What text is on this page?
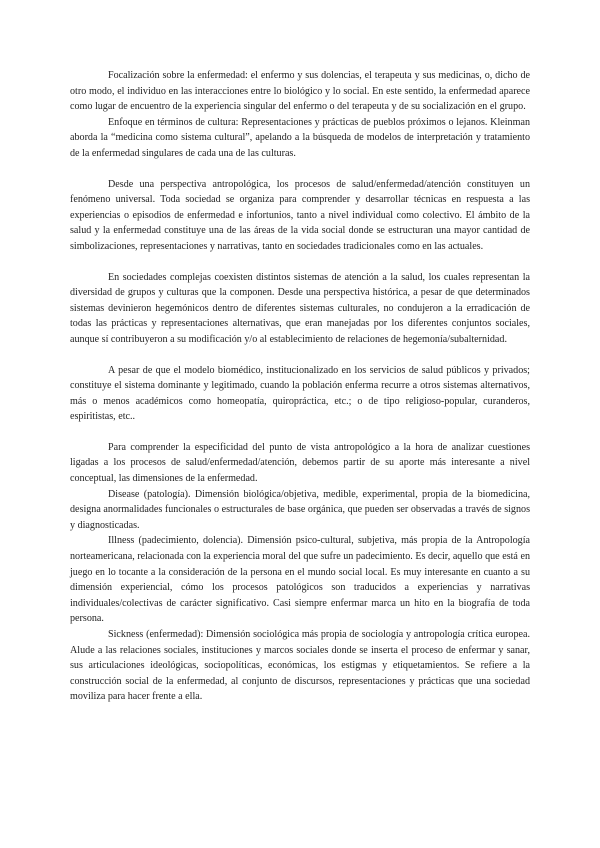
Focalización sobre la enfermedad: el enfermo y sus dolencias, el terapeuta y sus medicinas, o, dicho de otro modo, el individuo en las interacciones entre lo biológico y lo social. En este sentido, la enfermedad aparece como lugar de encuentro de la experiencia singular del enfermo o del terapeuta y de su socialización en el grupo.

Enfoque en términos de cultura: Representaciones y prácticas de pueblos próximos o lejanos. Kleinman aborda la “medicina como sistema cultural”, apelando a la búsqueda de modelos de interpretación y tratamiento de la enfermedad singulares de cada una de las culturas.

Desde una perspectiva antropológica, los procesos de salud/enfermedad/atención constituyen un fenómeno universal. Toda sociedad se organiza para comprender y desarrollar técnicas en respuesta a las experiencias o episodios de enfermedad e infortunios, tanto a nivel individual como colectivo. El ámbito de la salud y la enfermedad constituye una de las áreas de la vida social donde se estructuran una mayor cantidad de simbolizaciones, representaciones y narrativas, tanto en sociedades tradicionales como en las actuales.

En sociedades complejas coexisten distintos sistemas de atención a la salud, los cuales representan la diversidad de grupos y culturas que la componen. Desde una perspectiva histórica, a pesar de que determinados sistemas devinieron hegemónicos dentro de diferentes sistemas culturales, no condujeron a la erradicación de todas las prácticas y representaciones alternativas, que eran manejadas por los diferentes conjuntos sociales, aunque sí contribuyeron a su modificación y/o al establecimiento de relaciones de hegemonía/subalternidad.

A pesar de que el modelo biomédico, institucionalizado en los servicios de salud públicos y privados; constituye el sistema dominante y legitimado, cuando la población enferma recurre a otros sistemas alternativos, más o menos académicos como homeopatía, quiropráctica, etc.; o de tipo religioso-popular, curanderos, espiritistas, etc..

Para comprender la especificidad del punto de vista antropológico a la hora de analizar cuestiones ligadas a los procesos de salud/enfermedad/atención, debemos partir de su aporte más interesante a nivel conceptual, las dimensiones de la enfermedad.

Disease (patología). Dimensión biológica/objetiva, medible, experimental, propia de la biomedicina, designa anormalidades funcionales o estructurales de base orgánica, que pueden ser observadas a través de signos y diagnosticadas.

Illness (padecimiento, dolencia). Dimensión psico-cultural, subjetiva, más propia de la Antropología norteamericana, relacionada con la experiencia moral del que sufre un padecimiento. Es decir, aquello que está en juego en lo tocante a la consideración de la persona en el mundo social local. Es muy interesante en cuanto a su dimensión experiencial, cómo los procesos patológicos son traducidos a experiencias y narrativas individuales/colectivas de carácter significativo. Casi siempre enfermar marca un hito en la biografía de toda persona.

Sickness (enfermedad): Dimensión sociológica más propia de sociología y antropología crítica europea. Alude a las relaciones sociales, instituciones y marcos sociales donde se inserta el proceso de enfermar y sanar, sus articulaciones ideológicas, sociopolíticas, económicas, los estigmas y etiquetamientos. Se refiere a la construcción social de la enfermedad, al conjunto de discursos, representaciones y prácticas que una sociedad moviliza para hacer frente a ella.
